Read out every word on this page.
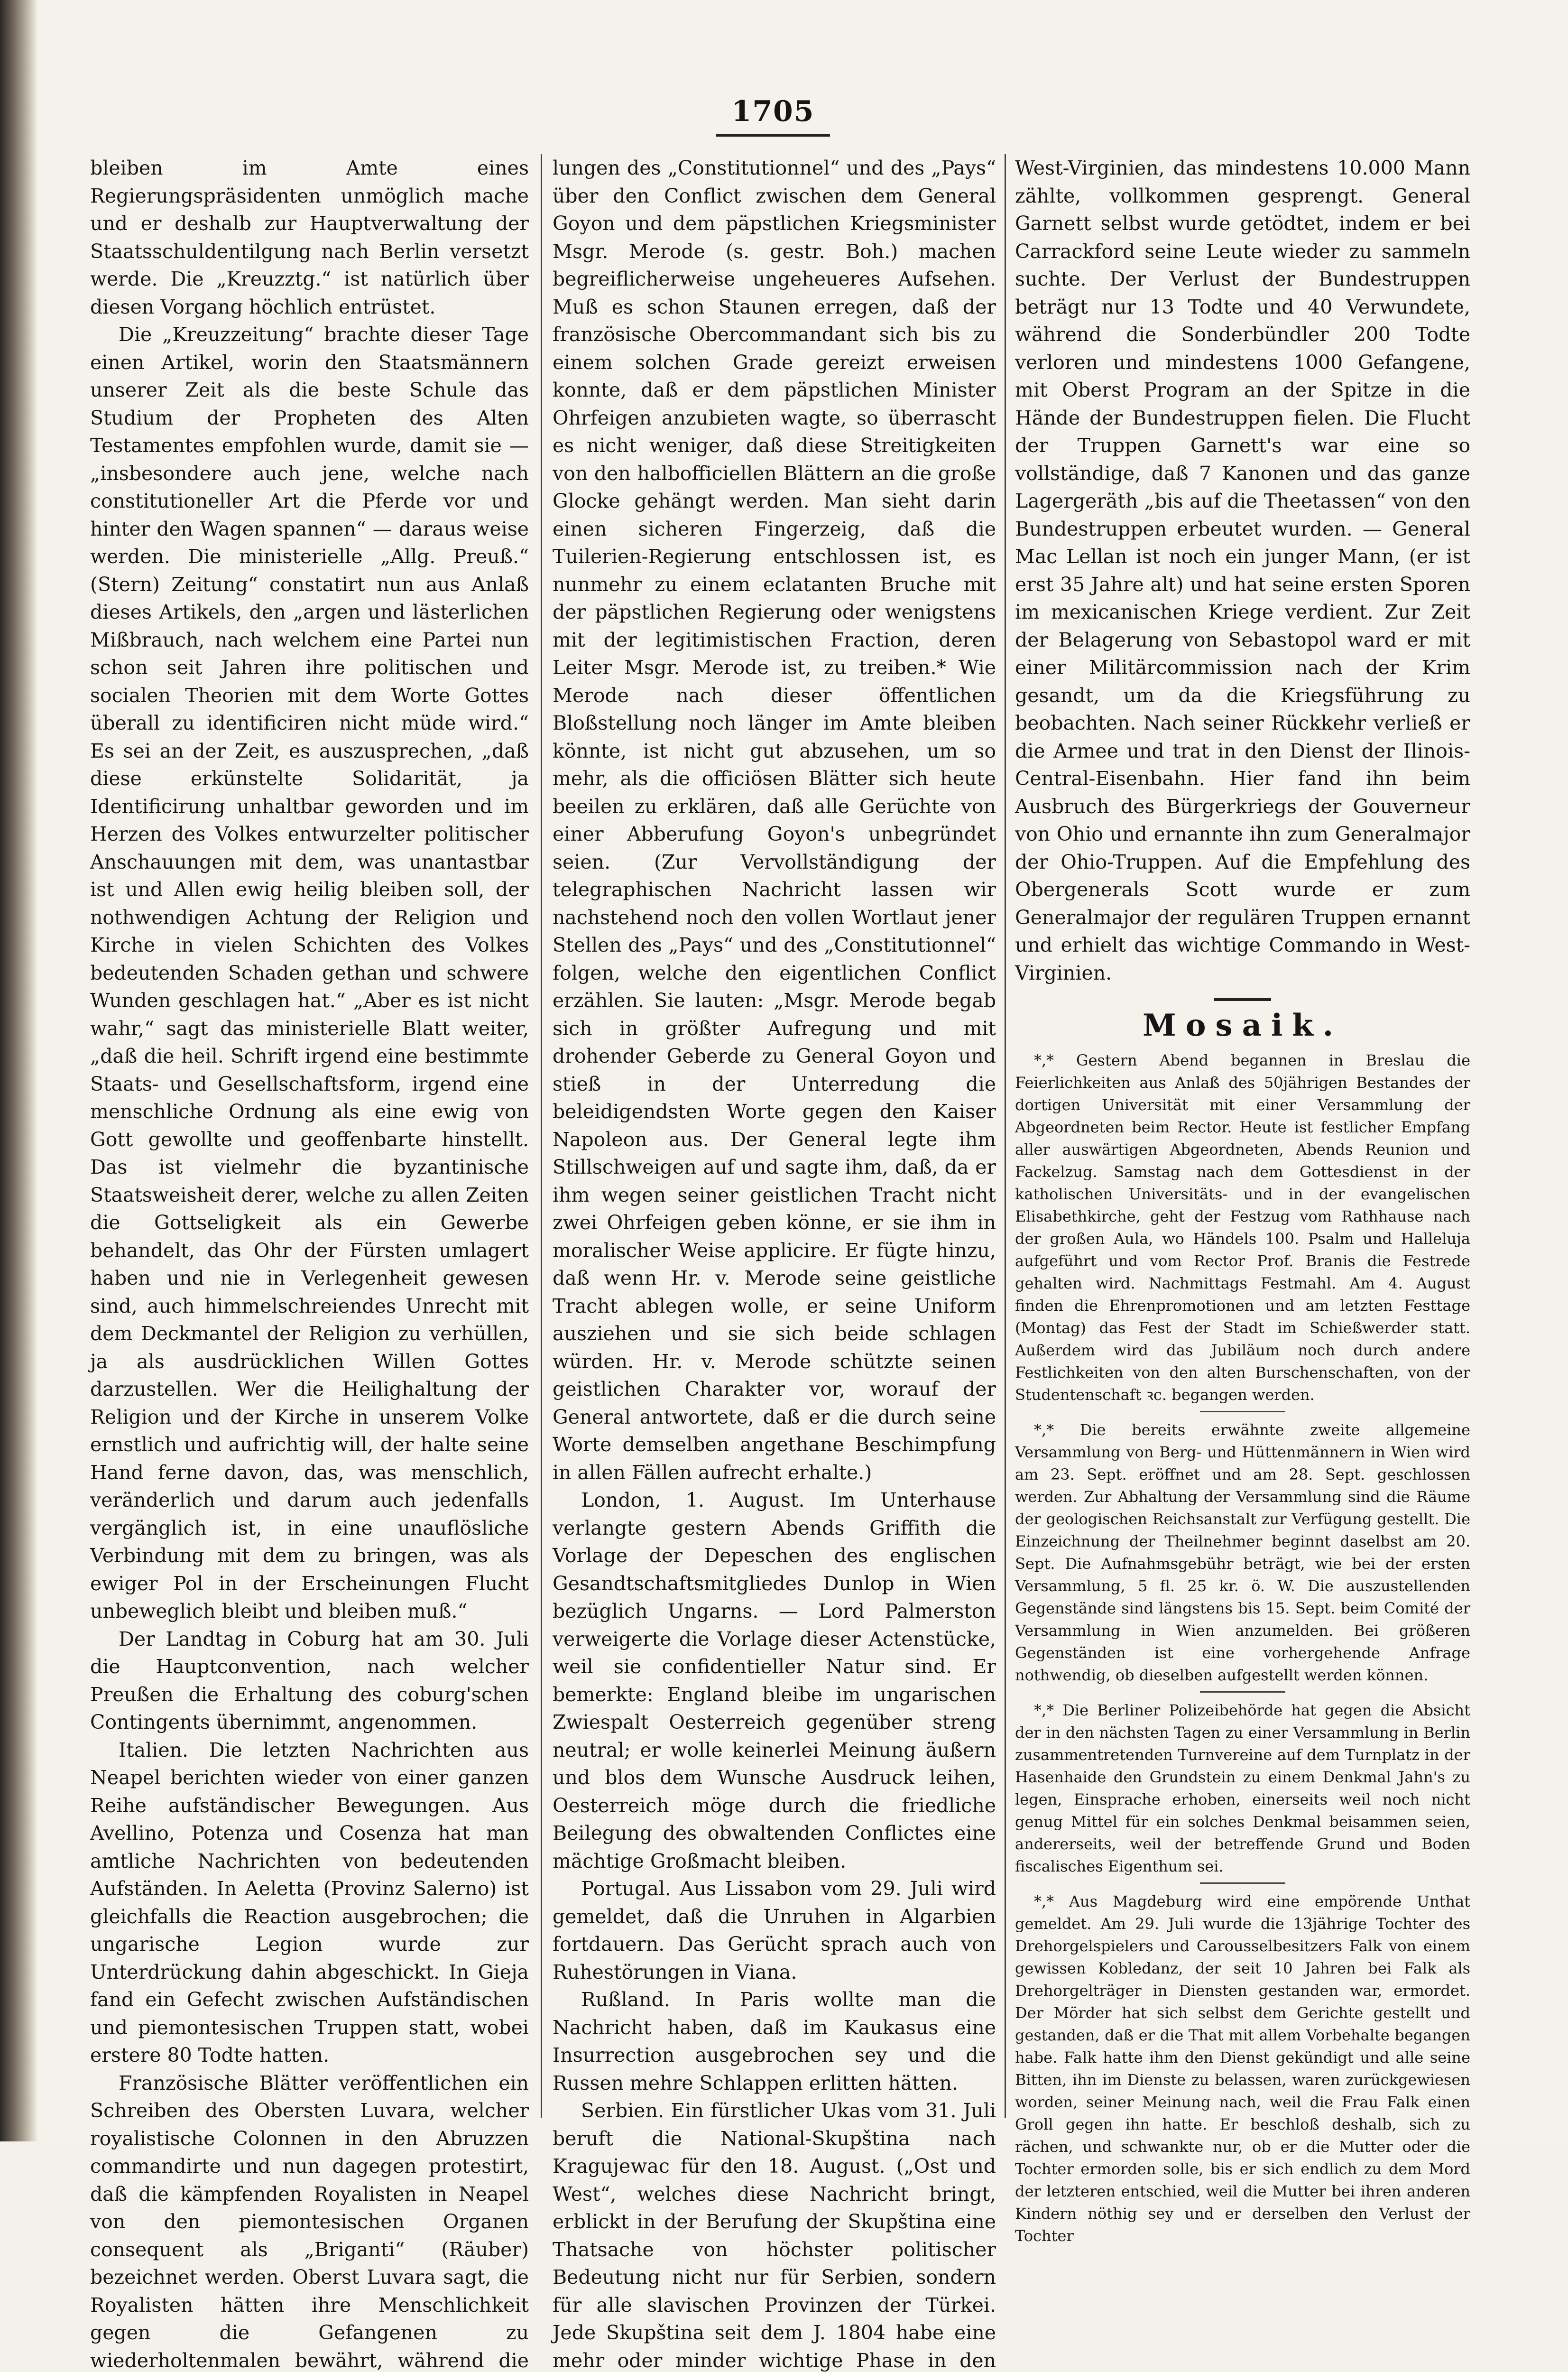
1705

bleiben im Amte eines Regierungspräsidenten unmöglich mache und er deshalb zur Hauptverwaltung der Staatsschuldentilgung nach Berlin versetzt werde. Die „Kreuzztg.“ ist natürlich über diesen Vorgang höchlich entrüstet.

Die „Kreuzzeitung“ brachte dieser Tage einen Artikel, worin den Staatsmännern unserer Zeit als die beste Schule das Studium der Propheten des Alten Testamentes empfohlen wurde, damit sie — „insbesondere auch jene, welche nach constitutioneller Art die Pferde vor und hinter den Wagen spannen“ — daraus weise werden. Die ministerielle „Allg. Preuß.“ (Stern) Zeitung“ constatirt nun aus Anlaß dieses Artikels, den „argen und lästerlichen Mißbrauch, nach welchem eine Partei nun schon seit Jahren ihre politischen und socialen Theorien mit dem Worte Gottes überall zu identificiren nicht müde wird.“ Es sei an der Zeit, es auszusprechen, „daß diese erkünstelte Solidarität, ja Identificirung unhaltbar geworden und im Herzen des Volkes entwurzelter politischer Anschauungen mit dem, was unantastbar ist und Allen ewig heilig bleiben soll, der nothwendigen Achtung der Religion und Kirche in vielen Schichten des Volkes bedeutenden Schaden gethan und schwere Wunden geschlagen hat.“ „Aber es ist nicht wahr,“ sagt das ministerielle Blatt weiter, „daß die heil. Schrift irgend eine bestimmte Staats- und Gesellschaftsform, irgend eine menschliche Ordnung als eine ewig von Gott gewollte und geoffenbarte hinstellt. Das ist vielmehr die byzantinische Staatsweisheit derer, welche zu allen Zeiten die Gottseligkeit als ein Gewerbe behandelt, das Ohr der Fürsten umlagert haben und nie in Verlegenheit gewesen sind, auch himmelschreiendes Unrecht mit dem Deckmantel der Religion zu verhüllen, ja als ausdrücklichen Willen Gottes darzustellen. Wer die Heilighaltung der Religion und der Kirche in unserem Volke ernstlich und aufrichtig will, der halte seine Hand ferne davon, das, was menschlich, veränderlich und darum auch jedenfalls vergänglich ist, in eine unauflösliche Verbindung mit dem zu bringen, was als ewiger Pol in der Erscheinungen Flucht unbeweglich bleibt und bleiben muß.“

Der Landtag in Coburg hat am 30. Juli die Hauptconvention, nach welcher Preußen die Erhaltung des coburg'schen Contingents übernimmt, angenommen.

Italien. Die letzten Nachrichten aus Neapel berichten wieder von einer ganzen Reihe aufständischer Bewegungen. Aus Avellino, Potenza und Cosenza hat man amtliche Nachrichten von bedeutenden Aufständen. In Aeletta (Provinz Salerno) ist gleichfalls die Reaction ausgebrochen; die ungarische Legion wurde zur Unterdrückung dahin abgeschickt. In Gieja fand ein Gefecht zwischen Aufständischen und piemontesischen Truppen statt, wobei erstere 80 Todte hatten.

Französische Blätter veröffentlichen ein Schreiben des Obersten Luvara, welcher royalistische Colonnen in den Abruzzen commandirte und nun dagegen protestirt, daß die kämpfenden Royalisten in Neapel von den piemontesischen Organen consequent als „Briganti“ (Räuber) bezeichnet werden. Oberst Luvara sagt, die Royalisten hätten ihre Menschlichkeit gegen die Gefangenen zu wiederholtenmalen bewährt, während die

lungen des „Constitutionnel“ und des „Pays“ über den Conflict zwischen dem General Goyon und dem päpstlichen Kriegsminister Msgr. Merode (s. gestr. Boh.) machen begreiflicherweise ungeheueres Aufsehen. Muß es schon Staunen erregen, daß der französische Obercommandant sich bis zu einem solchen Grade gereizt erweisen konnte, daß er dem päpstlichen Minister Ohrfeigen anzubieten wagte, so überrascht es nicht weniger, daß diese Streitigkeiten von den halbofficiellen Blättern an die große Glocke gehängt werden. Man sieht darin einen sicheren Fingerzeig, daß die Tuilerien-Regierung entschlossen ist, es nunmehr zu einem eclatanten Bruche mit der päpstlichen Regierung oder wenigstens mit der legitimistischen Fraction, deren Leiter Msgr. Merode ist, zu treiben.* Wie Merode nach dieser öffentlichen Bloßstellung noch länger im Amte bleiben könnte, ist nicht gut abzusehen, um so mehr, als die officiösen Blätter sich heute beeilen zu erklären, daß alle Gerüchte von einer Abberufung Goyon's unbegründet seien. (Zur Vervollständigung der telegraphischen Nachricht lassen wir nachstehend noch den vollen Wortlaut jener Stellen des „Pays“ und des „Constitutionnel“ folgen, welche den eigentlichen Conflict erzählen. Sie lauten: „Msgr. Merode begab sich in größter Aufregung und mit drohender Geberde zu General Goyon und stieß in der Unterredung die beleidigendsten Worte gegen den Kaiser Napoleon aus. Der General legte ihm Stillschweigen auf und sagte ihm, daß, da er ihm wegen seiner geistlichen Tracht nicht zwei Ohrfeigen geben könne, er sie ihm in moralischer Weise applicire. Er fügte hinzu, daß wenn Hr. v. Merode seine geistliche Tracht ablegen wolle, er seine Uniform ausziehen und sie sich beide schlagen würden. Hr. v. Merode schützte seinen geistlichen Charakter vor, worauf der General antwortete, daß er die durch seine Worte demselben angethane Beschimpfung in allen Fällen aufrecht erhalte.)

London, 1. August. Im Unterhause verlangte gestern Abends Griffith die Vorlage der Depeschen des englischen Gesandtschaftsmitgliedes Dunlop in Wien bezüglich Ungarns. — Lord Palmerston verweigerte die Vorlage dieser Actenstücke, weil sie confidentieller Natur sind. Er bemerkte: England bleibe im ungarischen Zwiespalt Oesterreich gegenüber streng neutral; er wolle keinerlei Meinung äußern und blos dem Wunsche Ausdruck leihen, Oesterreich möge durch die friedliche Beilegung des obwaltenden Conflictes eine mächtige Großmacht bleiben.

Portugal. Aus Lissabon vom 29. Juli wird gemeldet, daß die Unruhen in Algarbien fortdauern. Das Gerücht sprach auch von Ruhestörungen in Viana.

Rußland. In Paris wollte man die Nachricht haben, daß im Kaukasus eine Insurrection ausgebrochen sey und die Russen mehre Schlappen erlitten hätten.

Serbien. Ein fürstlicher Ukas vom 31. Juli beruft die National-Skupština nach Kragujewac für den 18. August. („Ost und West“, welches diese Nachricht bringt, erblickt in der Berufung der Skupština eine Thatsache von höchster politischer Bedeutung nicht nur für Serbien, sondern für alle slavischen Provinzen der Türkei. Jede Skupština seit dem J. 1804 habe eine mehr oder minder wichtige Phase in den

West-Virginien, das mindestens 10.000 Mann zählte, vollkommen gesprengt. General Garnett selbst wurde getödtet, indem er bei Carrackford seine Leute wieder zu sammeln suchte. Der Verlust der Bundestruppen beträgt nur 13 Todte und 40 Verwundete, während die Sonderbündler 200 Todte verloren und mindestens 1000 Gefangene, mit Oberst Program an der Spitze in die Hände der Bundestruppen fielen. Die Flucht der Truppen Garnett's war eine so vollständige, daß 7 Kanonen und das ganze Lagergeräth „bis auf die Theetassen“ von den Bundestruppen erbeutet wurden. — General Mac Lellan ist noch ein junger Mann, (er ist erst 35 Jahre alt) und hat seine ersten Sporen im mexicanischen Kriege verdient. Zur Zeit der Belagerung von Sebastopol ward er mit einer Militärcommission nach der Krim gesandt, um da die Kriegsführung zu beobachten. Nach seiner Rückkehr verließ er die Armee und trat in den Dienst der Ilinois-Central-Eisenbahn. Hier fand ihn beim Ausbruch des Bürgerkriegs der Gouverneur von Ohio und ernannte ihn zum Generalmajor der Ohio-Truppen. Auf die Empfehlung des Obergenerals Scott wurde er zum Generalmajor der regulären Truppen ernannt und erhielt das wichtige Commando in West-Virginien.

Mosaik.

*,* Gestern Abend begannen in Breslau die Feierlichkeiten aus Anlaß des 50jährigen Bestandes der dortigen Universität mit einer Versammlung der Abgeordneten beim Rector. Heute ist festlicher Empfang aller auswärtigen Abgeordneten, Abends Reunion und Fackelzug. Samstag nach dem Gottesdienst in der katholischen Universitäts- und in der evangelischen Elisabethkirche, geht der Festzug vom Rathhause nach der großen Aula, wo Händels 100. Psalm und Halleluja aufgeführt und vom Rector Prof. Branis die Festrede gehalten wird. Nachmittags Festmahl. Am 4. August finden die Ehrenpromotionen und am letzten Festtage (Montag) das Fest der Stadt im Schießwerder statt. Außerdem wird das Jubiläum noch durch andere Festlichkeiten von den alten Burschenschaften, von der Studentenschaft ꝛc. begangen werden.

*,* Die bereits erwähnte zweite allgemeine Versammlung von Berg- und Hüttenmännern in Wien wird am 23. Sept. eröffnet und am 28. Sept. geschlossen werden. Zur Abhaltung der Versammlung sind die Räume der geologischen Reichsanstalt zur Verfügung gestellt. Die Einzeichnung der Theilnehmer beginnt daselbst am 20. Sept. Die Aufnahmsgebühr beträgt, wie bei der ersten Versammlung, 5 fl. 25 kr. ö. W. Die auszustellenden Gegenstände sind längstens bis 15. Sept. beim Comité der Versammlung in Wien anzumelden. Bei größeren Gegenständen ist eine vorhergehende Anfrage nothwendig, ob dieselben aufgestellt werden können.

*,* Die Berliner Polizeibehörde hat gegen die Absicht der in den nächsten Tagen zu einer Versammlung in Berlin zusammentretenden Turnvereine auf dem Turnplatz in der Hasenhaide den Grundstein zu einem Denkmal Jahn's zu legen, Einsprache erhoben, einerseits weil noch nicht genug Mittel für ein solches Denkmal beisammen seien, andererseits, weil der betreffende Grund und Boden fiscalisches Eigenthum sei.

*,* Aus Magdeburg wird eine empörende Unthat gemeldet. Am 29. Juli wurde die 13jährige Tochter des Drehorgelspielers und Carousselbesitzers Falk von einem gewissen Kobledanz, der seit 10 Jahren bei Falk als Drehorgelträger in Diensten gestanden war, ermordet. Der Mörder hat sich selbst dem Gerichte gestellt und gestanden, daß er die That mit allem Vorbehalte begangen habe. Falk hatte ihm den Dienst gekündigt und alle seine Bitten, ihn im Dienste zu belassen, waren zurückgewiesen worden, seiner Meinung nach, weil die Frau Falk einen Groll gegen ihn hatte. Er beschloß deshalb, sich zu rächen, und schwankte nur, ob er die Mutter oder die Tochter ermorden solle, bis er sich endlich zu dem Mord der letzteren entschied, weil die Mutter bei ihren anderen Kindern nöthig sey und er derselben den Verlust der Tochter
